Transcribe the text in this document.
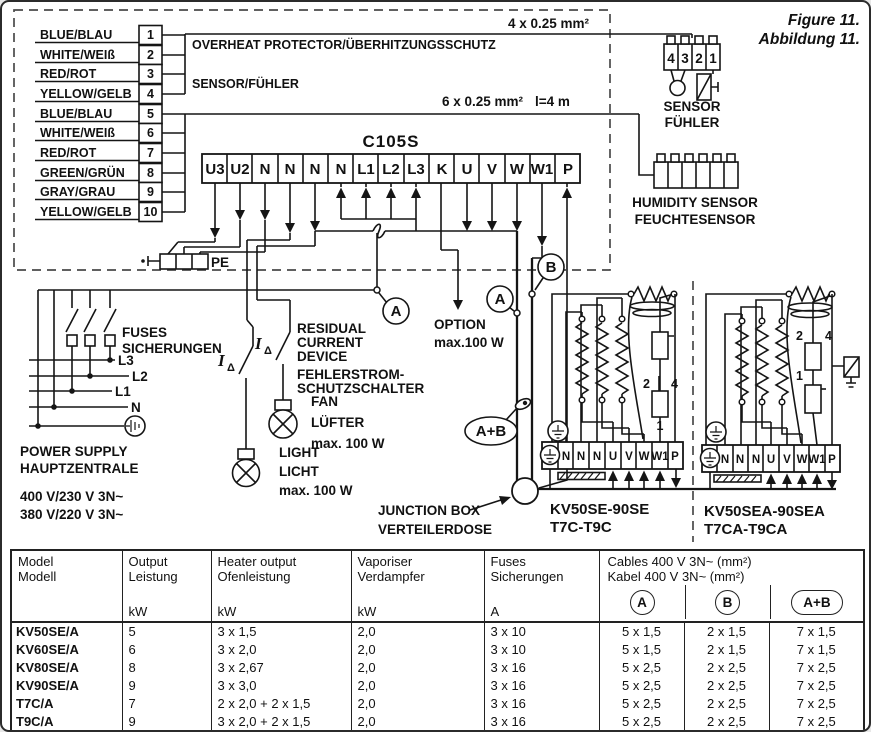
Figure 11.
Abbildung 11.
BLUE/BLAU	1
WHITE/WEIß	2
RED/ROT	3
YELLOW/GELB 4
BLUE/BLAU	5
WHITE/WEIß	6
RED/ROT	7
GREEN/GRÜN 8
GRAY/GRAU	9
YELLOW/GELB 10
OVERHEAT PROTECTOR/ÜBERHITZUNGSSCHUTZ
SENSOR/FÜHLER
4 x 0.25 mm²
6 x 0.25 mm² l=4 m
C105S
U3 U2 N N N N L1 L2 L3 K U V W W1 P
PE
4 3 2 1
SENSOR
FÜHLER
HUMIDITY SENSOR
FEUCHTESENSOR
L3
L2
L1
N
FUSES
SICHERUNGEN
POWER SUPPLY
HAUPTZENTRALE
400 V/230 V 3N~
380 V/220 V 3N~
I Δ
I Δ
RESIDUAL
CURRENT
DEVICE
FEHLERSTROM-
SCHUTZSCHALTER
FAN
LÜFTER
max. 100 W
LIGHT
LICHT
max. 100 W
OPTION
max.100 W
A
A
B
A+B
JUNCTION BOX
VERTEILERDOSE
2 4
1
N N N U V W W1 P
KV50SE-90SE
T7C-T9C
2 4
1
N N N U V W W1 P
KV50SEA-90SEA
T7CA-T9CA
Model
Modell

Output
Leistung
kW

Heater output
Ofenleistung
kW

Vaporiser
Verdampfer
kW

Fuses
Sicherungen
A

Cables 400 V 3N~ (mm²)
Kabel 400 V 3N~ (mm²)
A	B	A+B

KV50SE/A	5	3 x 1,5	2,0	3 x 10	5 x 1,5	2 x 1,5	7 x 1,5
KV60SE/A	6	3 x 2,0	2,0	3 x 10	5 x 1,5	2 x 1,5	7 x 1,5
KV80SE/A	8	3 x 2,67	2,0	3 x 16	5 x 2,5	2 x 2,5	7 x 2,5
KV90SE/A	9	3 x 3,0	2,0	3 x 16	5 x 2,5	2 x 2,5	7 x 2,5
T7C/A	7	2 x 2,0 + 2 x 1,5	2,0	3 x 16	5 x 2,5	2 x 2,5	7 x 2,5
T9C/A	9	3 x 2,0 + 2 x 1,5	2,0	3 x 16	5 x 2,5	2 x 2,5	7 x 2,5
